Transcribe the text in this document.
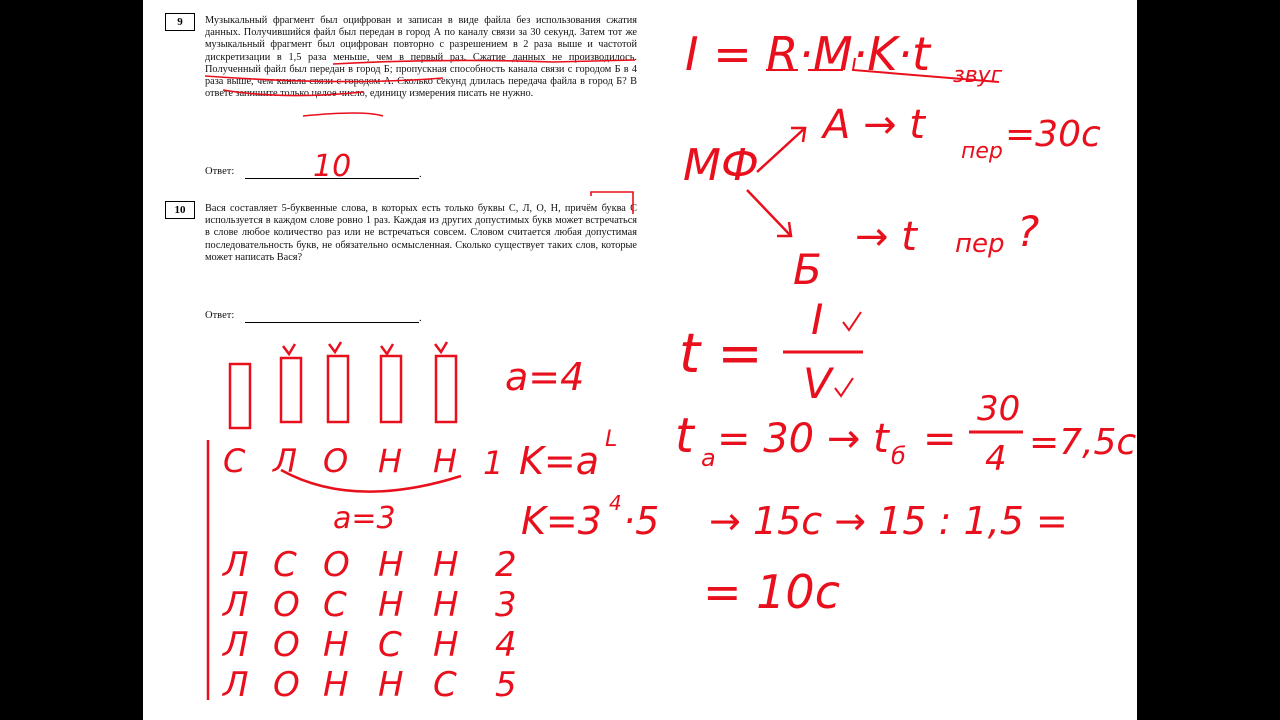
9	Музыкальный фрагмент был оцифрован и записан в виде файла без использования сжатия данных. Получившийся файл был передан в город А по каналу связи за 30 секунд. Затем тот же музыкальный фрагмент был оцифрован повторно с разрешением в 2 раза выше и частотой дискретизации в 1,5 раза меньше, чем в первый раз. Сжатие данных не производилось. Полученный файл был передан в город Б; пропускная способность канала связи с городом Б в 4 раза выше, чем канала связи с городом А. Сколько секунд длилась передача файла в город Б? В ответе запишите только целое число, единицу измерения писать не нужно.
Ответ:	.
10	Вася составляет 5-буквенные слова, в которых есть только буквы С, Л, О, Н, причём буква С используется в каждом слове ровно 1 раз. Каждая из других допустимых букв может встречаться в слове любое количество раз или не встречаться совсем. Словом считается любая допустимая последовательность букв, не обязательно осмысленная. Сколько существует таких слов, которые может написать Вася?
Ответ:	.
10
I = R·M·K·t звуг
МФ
A → t
пер =30c
Б
→ t пер ?
t =
I
V
t a = 30 → t б =
30
4 =7,5c
K=3 4 ·5 → 15c → 15 : 1,5 =
= 10c
a=4
K=a L
1
С Л О Н Н
a=3
Л С О Н Н 2
Л О С Н Н 3
Л О Н С Н 4
Л О Н Н С 5
